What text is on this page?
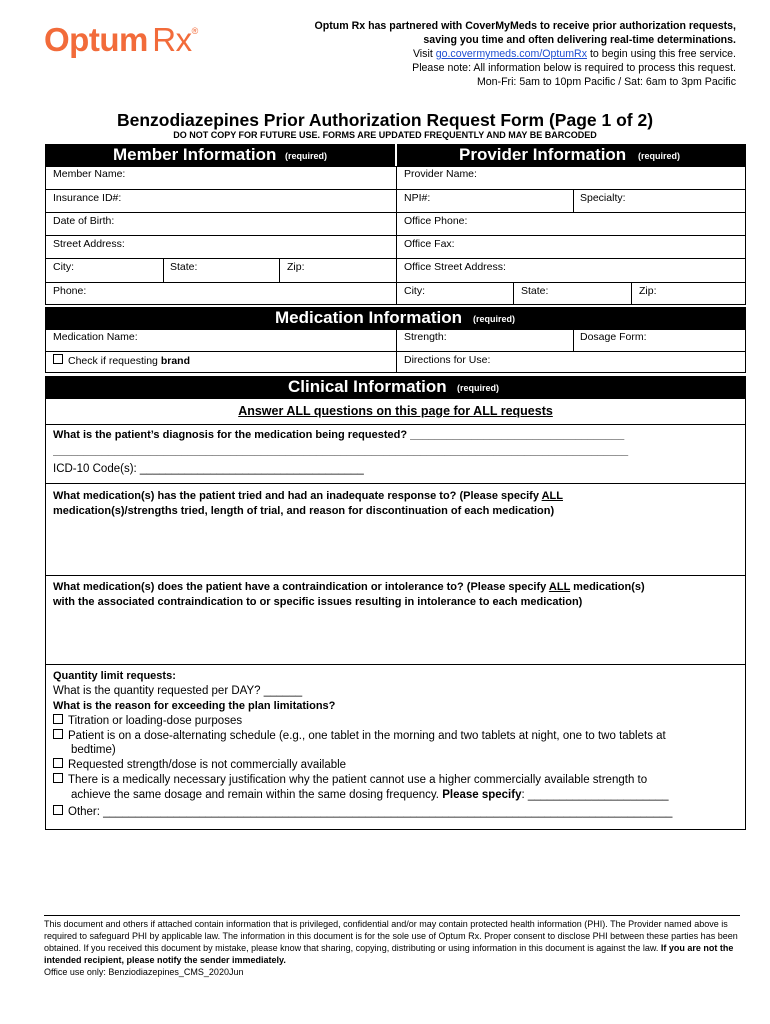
Optum Rx®	Optum Rx has partnered with CoverMyMeds to receive prior authorization requests,
saving you time and often delivering real-time determinations.
Visit go.covermymeds.com/OptumRx to begin using this free service.
Please note: All information below is required to process this request.
Mon-Fri: 5am to 10pm Pacific / Sat: 6am to 3pm Pacific
Benzodiazepines Prior Authorization Request Form (Page 1 of 2)
DO NOT COPY FOR FUTURE USE. FORMS ARE UPDATED FREQUENTLY AND MAY BE BARCODED
Member Information (required)	Provider Information (required)
Member Name:	Provider Name:
Insurance ID#:	NPI#:	Specialty:
Date of Birth:	Office Phone:
Street Address:	Office Fax:
City:	State:	Zip:	Office Street Address:
Phone:	City:	State:	Zip:
Medication Information (required)
Medication Name:	Strength:	Dosage Form:
Check if requesting brand	Directions for Use:
Clinical Information (required)
Answer ALL questions on this page for ALL requests
What is the patient’s diagnosis for the medication being requested? ___________________________________
______________________________________________________________________________________________
ICD-10 Code(s): ___________________________________
What medication(s) has the patient tried and had an inadequate response to? (Please specify ALL
medication(s)/strengths tried, length of trial, and reason for discontinuation of each medication)
What medication(s) does the patient have a contraindication or intolerance to? (Please specify ALL medication(s)
with the associated contraindication to or specific issues resulting in intolerance to each medication)
Quantity limit requests:
What is the quantity requested per DAY? ______
What is the reason for exceeding the plan limitations?
Titration or loading-dose purposes
Patient is on a dose-alternating schedule (e.g., one tablet in the morning and two tablets at night, one to two tablets at
bedtime)
Requested strength/dose is not commercially available
There is a medically necessary justification why the patient cannot use a higher commercially available strength to
achieve the same dosage and remain within the same dosing frequency. Please specify: ______________________
Other: _________________________________________________________________________________________
This document and others if attached contain information that is privileged, confidential and/or may contain protected health information (PHI). The Provider named above is required to safeguard PHI by applicable law. The information in this document is for the sole use of Optum Rx. Proper consent to disclose PHI between these parties has been obtained. If you received this document by mistake, please know that sharing, copying, distributing or using information in this document is against the law. If you are not the intended recipient, please notify the sender immediately.
Office use only: Benziodiazepines_CMS_2020Jun
